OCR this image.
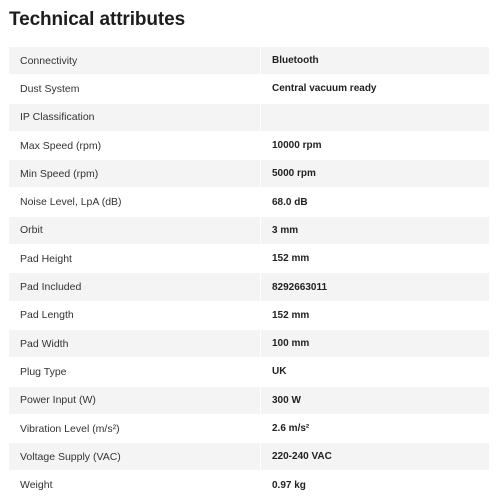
Technical attributes
Connectivity	Bluetooth
Dust System	Central vacuum ready
IP Classification	
Max Speed (rpm)	10000 rpm
Min Speed (rpm)	5000 rpm
Noise Level, LpA (dB)	68.0 dB
Orbit	3 mm
Pad Height	152 mm
Pad Included	8292663011
Pad Length	152 mm
Pad Width	100 mm
Plug Type	UK
Power Input (W)	300 W
Vibration Level (m/s²)	2.6 m/s²
Voltage Supply (VAC)	220-240 VAC
Weight	0.97 kg
